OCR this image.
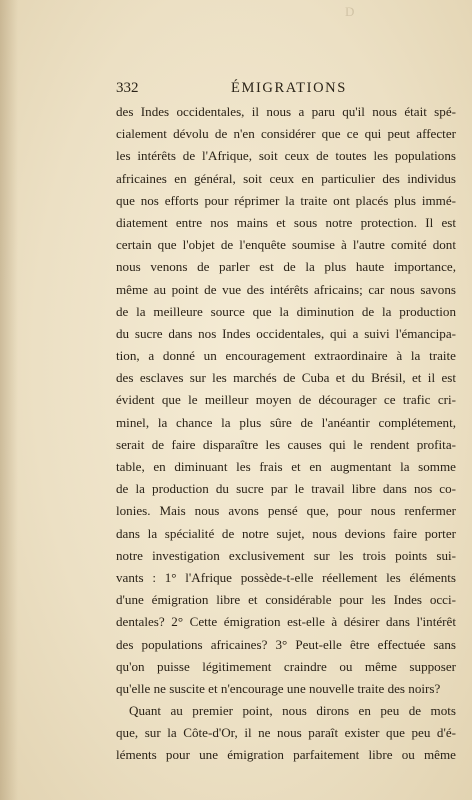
D
332	ÉMIGRATIONS
des Indes occidentales, il nous a paru qu'il nous était spé-
cialement dévolu de n'en considérer que ce qui peut affecter
les intérêts de l'Afrique, soit ceux de toutes les populations
africaines en général, soit ceux en particulier des individus
que nos efforts pour réprimer la traite ont placés plus immé-
diatement entre nos mains et sous notre protection. Il est
certain que l'objet de l'enquête soumise à l'autre comité dont
nous venons de parler est de la plus haute importance,
même au point de vue des intérêts africains; car nous savons
de la meilleure source que la diminution de la production
du sucre dans nos Indes occidentales, qui a suivi l'émancipa-
tion, a donné un encouragement extraordinaire à la traite
des esclaves sur les marchés de Cuba et du Brésil, et il est
évident que le meilleur moyen de décourager ce trafic cri-
minel, la chance la plus sûre de l'anéantir complétement,
serait de faire disparaître les causes qui le rendent profita-
table, en diminuant les frais et en augmentant la somme
de la production du sucre par le travail libre dans nos co-
lonies. Mais nous avons pensé que, pour nous renfermer
dans la spécialité de notre sujet, nous devions faire porter
notre investigation exclusivement sur les trois points sui-
vants : 1° l'Afrique possède-t-elle réellement les éléments
d'une émigration libre et considérable pour les Indes occi-
dentales? 2° Cette émigration est-elle à désirer dans l'intérêt
des populations africaines? 3° Peut-elle être effectuée sans
qu'on puisse légitimement craindre ou même supposer
qu'elle ne suscite et n'encourage une nouvelle traite des noirs?
Quant au premier point, nous dirons en peu de mots
que, sur la Côte-d'Or, il ne nous paraît exister que peu d'é-
léments pour une émigration parfaitement libre ou même
